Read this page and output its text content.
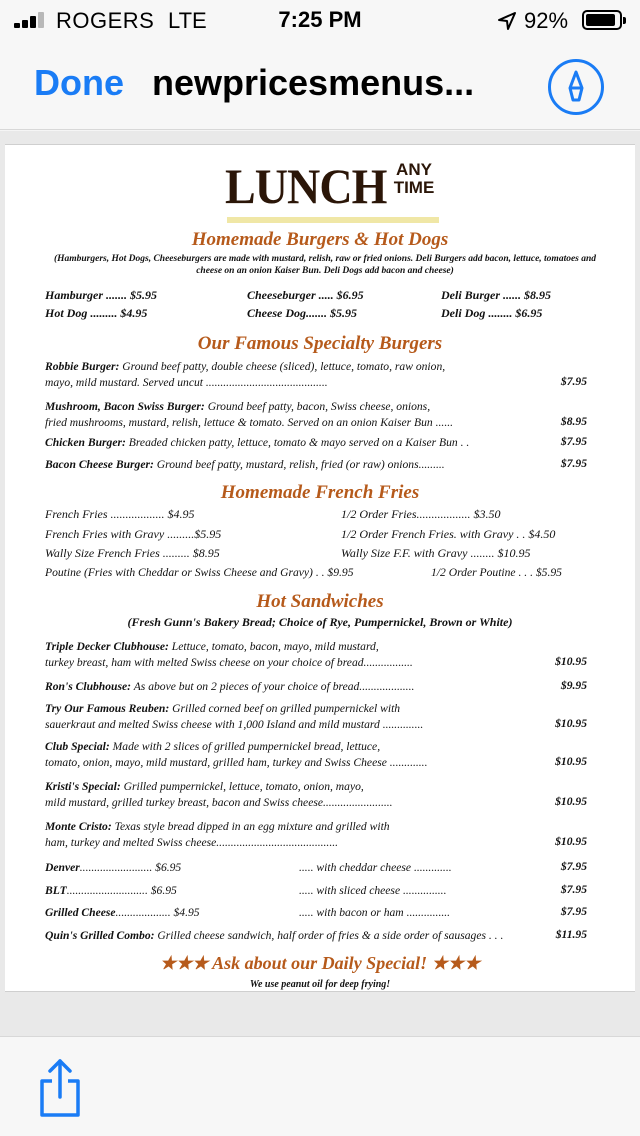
ROGERS LTE	7:25 PM	92%
Done newpricesmenus...
LUNCH ANY
TIME
Homemade Burgers & Hot Dogs
(Hamburgers, Hot Dogs, Cheeseburgers are made with mustard, relish, raw or fried onions. Deli Burgers add bacon, lettuce, tomatoes and cheese on an onion Kaiser Bun. Deli Dogs add bacon and cheese)
Hamburger ....... $5.95	Cheeseburger ..... $6.95	Deli Burger ...... $8.95
Hot Dog ......... $4.95	Cheese Dog....... $5.95	Deli Dog ........ $6.95
Our Famous Specialty Burgers
Robbie Burger: Ground beef patty, double cheese (sliced), lettuce, tomato, raw onion,
mayo, mild mustard. Served uncut ..........................................	$7.95
Mushroom, Bacon Swiss Burger: Ground beef patty, bacon, Swiss cheese, onions,
fried mushrooms, mustard, relish, lettuce & tomato. Served on an onion Kaiser Bun ......	$8.95
Chicken Burger: Breaded chicken patty, lettuce, tomato & mayo served on a Kaiser Bun . .	$7.95
Bacon Cheese Burger: Ground beef patty, mustard, relish, fried (or raw) onions.........	$7.95
Homemade French Fries
French Fries .................. $4.95	1/2 Order Fries.................. $3.50
French Fries with Gravy .........$5.95	1/2 Order French Fries. with Gravy . . $4.50
Wally Size French Fries ......... $8.95	Wally Size F.F. with Gravy ........ $10.95
Poutine (Fries with Cheddar or Swiss Cheese and Gravy) . . $9.95	1/2 Order Poutine . . . $5.95
Hot Sandwiches
(Fresh Gunn's Bakery Bread; Choice of Rye, Pumpernickel, Brown or White)
Triple Decker Clubhouse: Lettuce, tomato, bacon, mayo, mild mustard,
turkey breast, ham with melted Swiss cheese on your choice of bread.................	$10.95
Ron's Clubhouse: As above but on 2 pieces of your choice of bread...................	$9.95
Try Our Famous Reuben: Grilled corned beef on grilled pumpernickel with
sauerkraut and melted Swiss cheese with 1,000 Island and mild mustard ..............	$10.95
Club Special: Made with 2 slices of grilled pumpernickel bread, lettuce,
tomato, onion, mayo, mild mustard, grilled ham, turkey and Swiss Cheese .............	$10.95
Kristi's Special: Grilled pumpernickel, lettuce, tomato, onion, mayo,
mild mustard, grilled turkey breast, bacon and Swiss cheese........................	$10.95
Monte Cristo: Texas style bread dipped in an egg mixture and grilled with
ham, turkey and melted Swiss cheese..........................................	$10.95
Denver......................... $6.95	..... with cheddar cheese .............	$7.95
BLT............................ $6.95	..... with sliced cheese ...............	$7.95
Grilled Cheese................... $4.95	..... with bacon or ham ...............	$7.95
Quin's Grilled Combo: Grilled cheese sandwich, half order of fries & a side order of sausages . . .	$11.95
★★★ Ask about our Daily Special! ★★★
We use peanut oil for deep frying!
